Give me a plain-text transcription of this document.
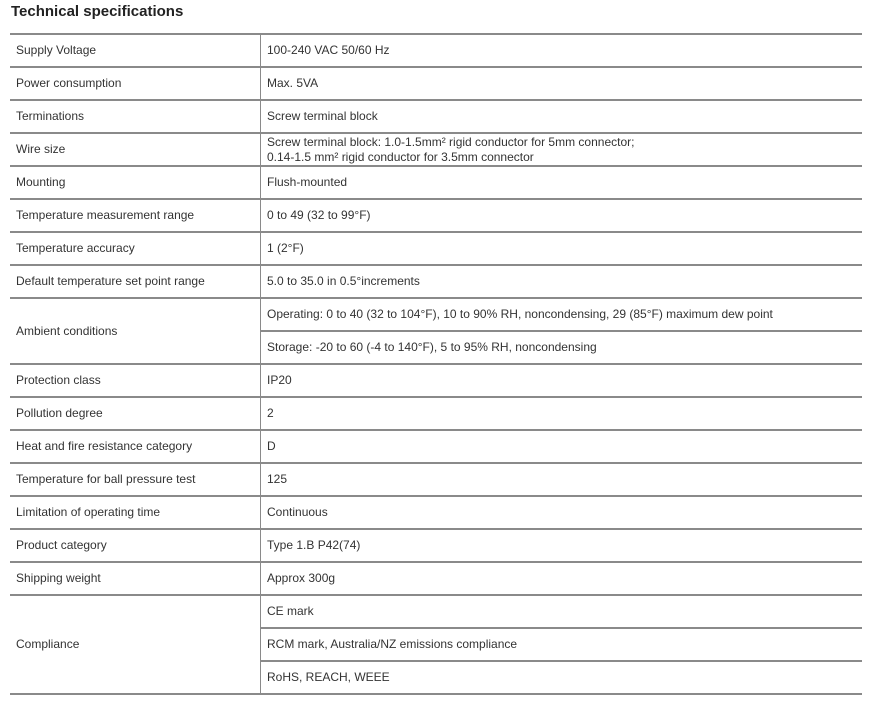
Technical specifications
Supply Voltage	100-240 VAC 50/60 Hz
Power consumption	Max. 5VA
Terminations	Screw terminal block
Wire size	Screw terminal block: 1.0-1.5mm² rigid conductor for 5mm connector;
0.14-1.5 mm² rigid conductor for 3.5mm connector

Mounting	Flush-mounted
Temperature measurement range	0 to 49 (32 to 99°F)
Temperature accuracy	1 (2°F)
Default temperature set point range	5.0 to 35.0 in 0.5°increments
Ambient conditions	Operating: 0 to 40 (32 to 104°F), 10 to 90% RH, noncondensing, 29 (85°F) maximum dew point
	Storage: -20 to 60 (-4 to 140°F), 5 to 95% RH, noncondensing
Protection class	IP20
Pollution degree	2
Heat and fire resistance category	D
Temperature for ball pressure test	125
Limitation of operating time	Continuous
Product category	Type 1.B P42(74)
Shipping weight	Approx 300g
Compliance	CE mark
	RCM mark, Australia/NZ emissions compliance
	RoHS, REACH, WEEE
